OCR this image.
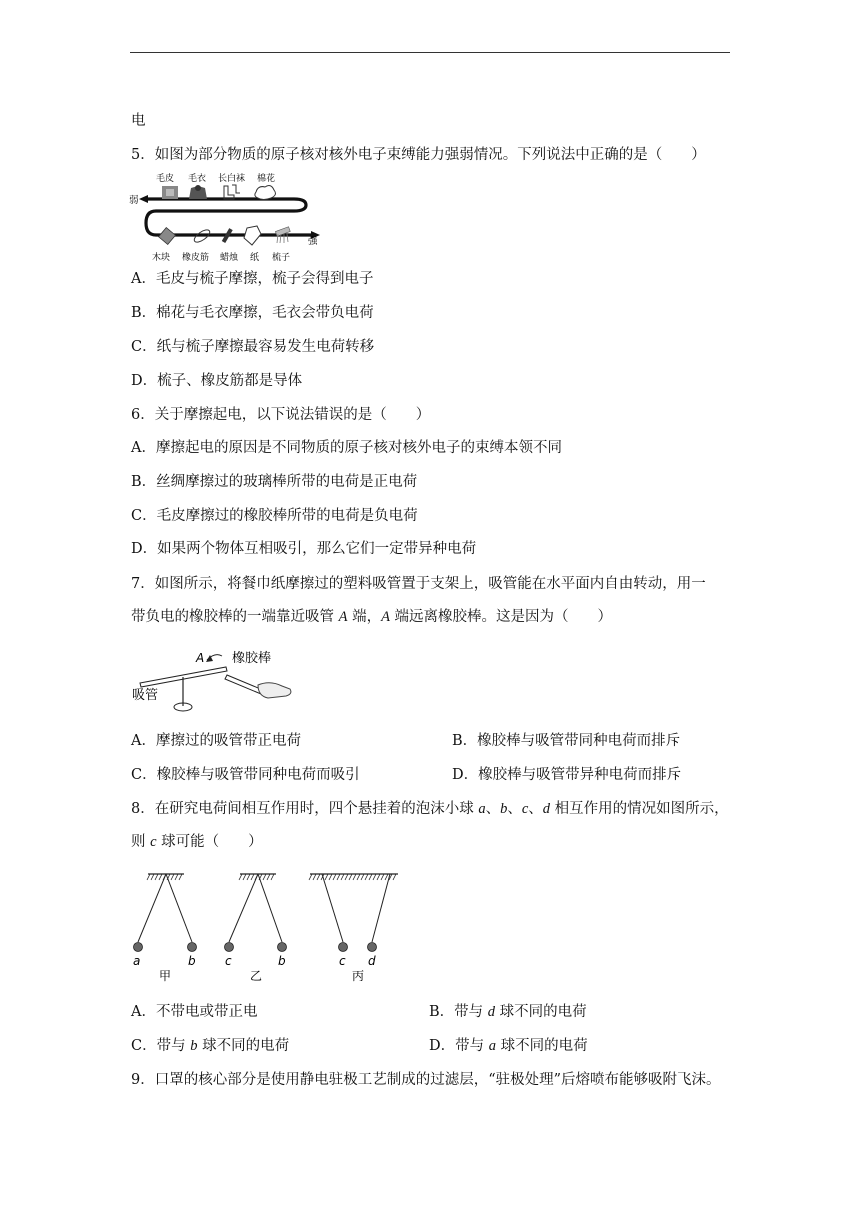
电
5．如图为部分物质的原子核对核外电子束缚能力强弱情况。下列说法中正确的是（　　）
弱
强
毛皮 毛衣 长白袜 棉花
木块 橡皮筋 蜡烛 纸 梳子
A．毛皮与梳子摩擦，梳子会得到电子
B．棉花与毛衣摩擦，毛衣会带负电荷
C．纸与梳子摩擦最容易发生电荷转移
D．梳子、橡皮筋都是导体
6．关于摩擦起电，以下说法错误的是（　　）
A．摩擦起电的原因是不同物质的原子核对核外电子的束缚本领不同
B．丝绸摩擦过的玻璃棒所带的电荷是正电荷
C．毛皮摩擦过的橡胶棒所带的电荷是负电荷
D．如果两个物体互相吸引，那么它们一定带异种电荷
7．如图所示，将餐巾纸摩擦过的塑料吸管置于支架上，吸管能在水平面内自由转动，用一
带负电的橡胶棒的一端靠近吸管 A 端，A 端远离橡胶棒。这是因为（　　）
A 橡胶棒
吸管
A．摩擦过的吸管带正电荷	B．橡胶棒与吸管带同种电荷而排斥
C．橡胶棒与吸管带同种电荷而吸引	D．橡胶棒与吸管带异种电荷而排斥
8．在研究电荷间相互作用时，四个悬挂着的泡沫小球 a、b、c、d 相互作用的情况如图所示，
则 c 球可能（　　）
a	b
甲
c	b
乙
c d
丙
A．不带电或带正电	B．带与 d 球不同的电荷
C．带与 b 球不同的电荷	D．带与 a 球不同的电荷
9．口罩的核心部分是使用静电驻极工艺制成的过滤层，“驻极处理”后熔喷布能够吸附飞沫。
